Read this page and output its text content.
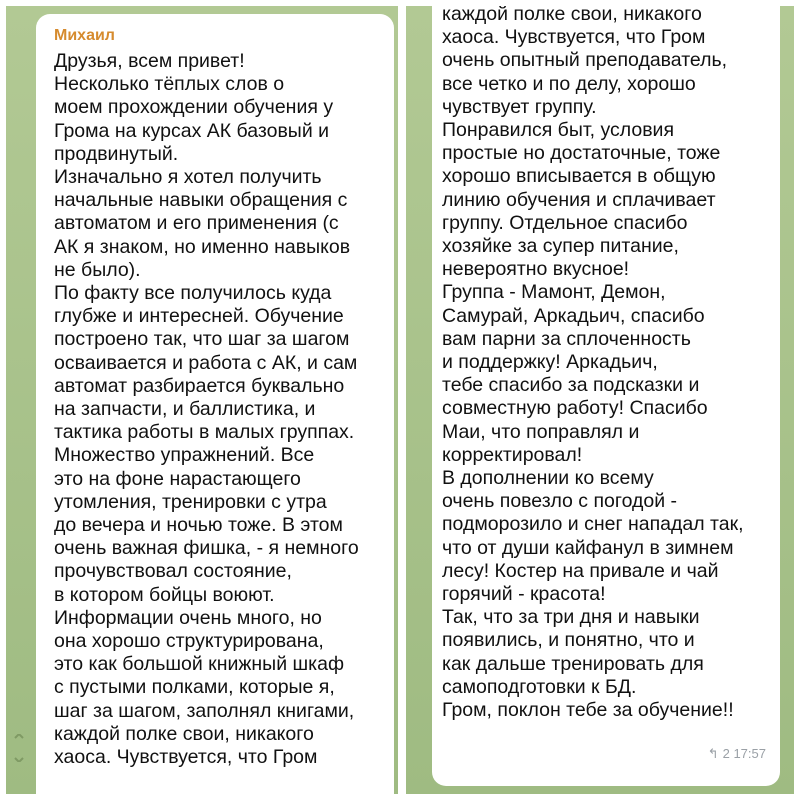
Михаил
Друзья, всем привет!
Несколько тёплых слов о
моем прохождении обучения у
Грома на курсах АК базовый и
продвинутый.
Изначально я хотел получить
начальные навыки обращения с
автоматом и его применения (с
АК я знаком, но именно навыков
не было).
По факту все получилось куда
глубже и интересней. Обучение
построено так, что шаг за шагом
осваивается и работа с АК, и сам
автомат разбирается буквально
на запчасти, и баллистика, и
тактика работы в малых группах.
Множество упражнений. Все
это на фоне нарастающего
утомления, тренировки с утра
до вечера и ночью тоже. В этом
очень важная фишка, - я немного
прочувствовал состояние,
в котором бойцы воюют.
Информации очень много, но
она хорошо структурирована,
это как большой книжный шкаф
с пустыми полками, которые я,
шаг за шагом, заполнял книгами,
каждой полке свои, никакого
хаоса. Чувствуется, что Гром
каждой полке свои, никакого
хаоса. Чувствуется, что Гром
очень опытный преподаватель,
все четко и по делу, хорошо
чувствует группу.
Понравился быт, условия
простые но достаточные, тоже
хорошо вписывается в общую
линию обучения и сплачивает
группу. Отдельное спасибо
хозяйке за супер питание,
невероятно вкусное!
Группа - Мамонт, Демон,
Самурай, Аркадьич, спасибо
вам парни за сплоченность
и поддержку! Аркадьич,
тебе спасибо за подсказки и
совместную работу! Спасибо
Маи, что поправлял и
корректировал!
В дополнении ко всему
очень повезло с погодой -
подморозило и снег нападал так,
что от души кайфанул в зимнем
лесу! Костер на привале и чай
горячий - красота!
Так, что за три дня и навыки
появились, и понятно, что и
как дальше тренировать для
самоподготовки к БД.
Гром, поклон тебе за обучение!!
↰ 2 17:57
